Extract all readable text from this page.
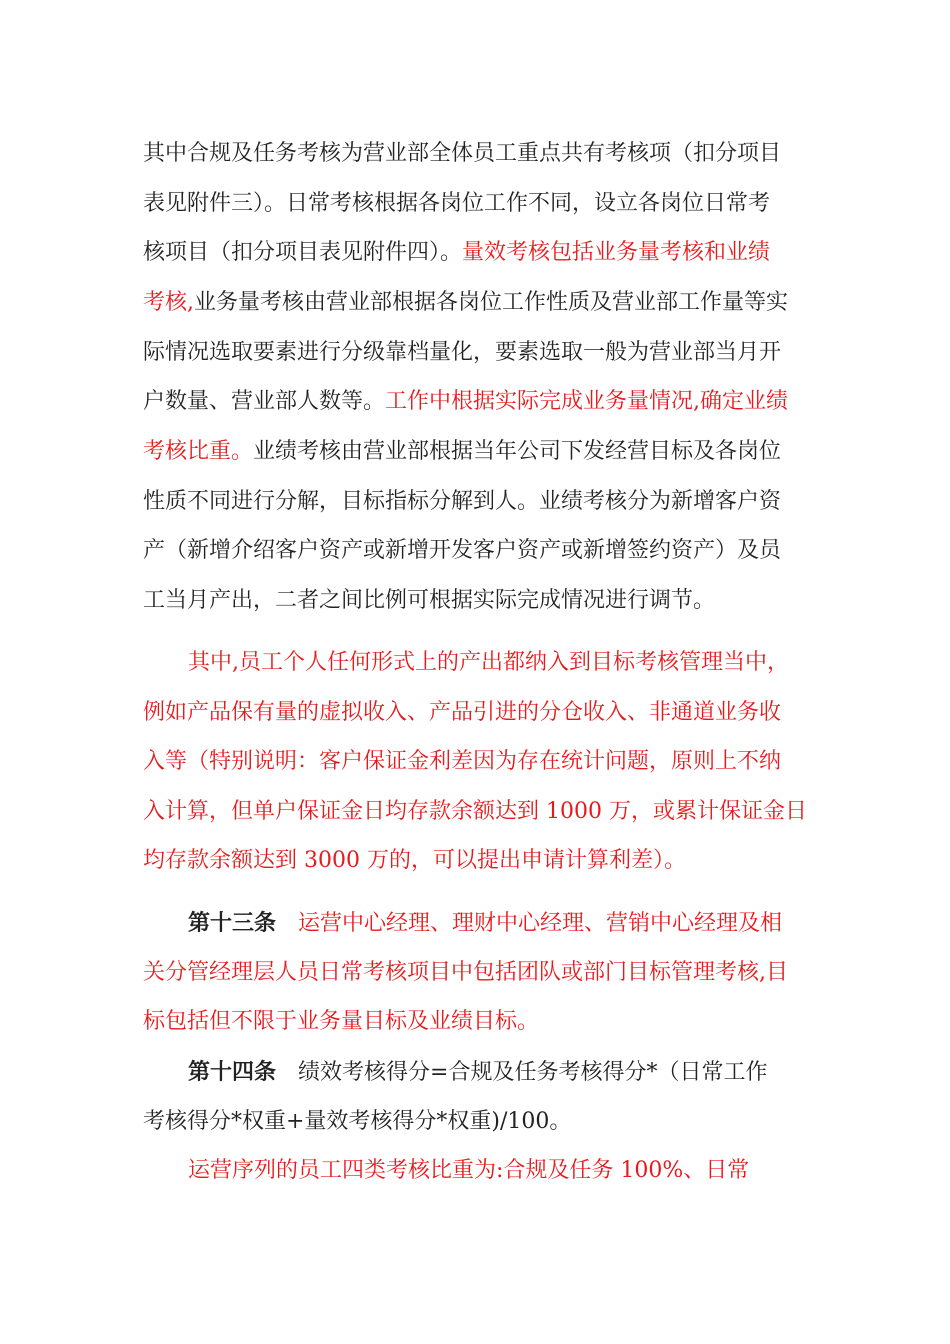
其中合规及任务考核为营业部全体员工重点共有考核项（扣分项目
表见附件三）。日常考核根据各岗位工作不同，设立各岗位日常考
核项目（扣分项目表见附件四）。量效考核包括业务量考核和业绩
考核,业务量考核由营业部根据各岗位工作性质及营业部工作量等实
际情况选取要素进行分级靠档量化，要素选取一般为营业部当月开
户数量、营业部人数等。工作中根据实际完成业务量情况,确定业绩
考核比重。业绩考核由营业部根据当年公司下发经营目标及各岗位
性质不同进行分解，目标指标分解到人。业绩考核分为新增客户资
产（新增介绍客户资产或新增开发客户资产或新增签约资产）及员
工当月产出，二者之间比例可根据实际完成情况进行调节。
其中,员工个人任何形式上的产出都纳入到目标考核管理当中，
例如产品保有量的虚拟收入、产品引进的分仓收入、非通道业务收
入等（特别说明：客户保证金利差因为存在统计问题，原则上不纳
入计算，但单户保证金日均存款余额达到 1000 万，或累计保证金日
均存款余额达到 3000 万的，可以提出申请计算利差）。
第十三条 运营中心经理、理财中心经理、营销中心经理及相
关分管经理层人员日常考核项目中包括团队或部门目标管理考核,目
标包括但不限于业务量目标及业绩目标。
第十四条 绩效考核得分=合规及任务考核得分*（日常工作
考核得分*权重+量效考核得分*权重)/100。
运营序列的员工四类考核比重为:合规及任务 100%、日常
